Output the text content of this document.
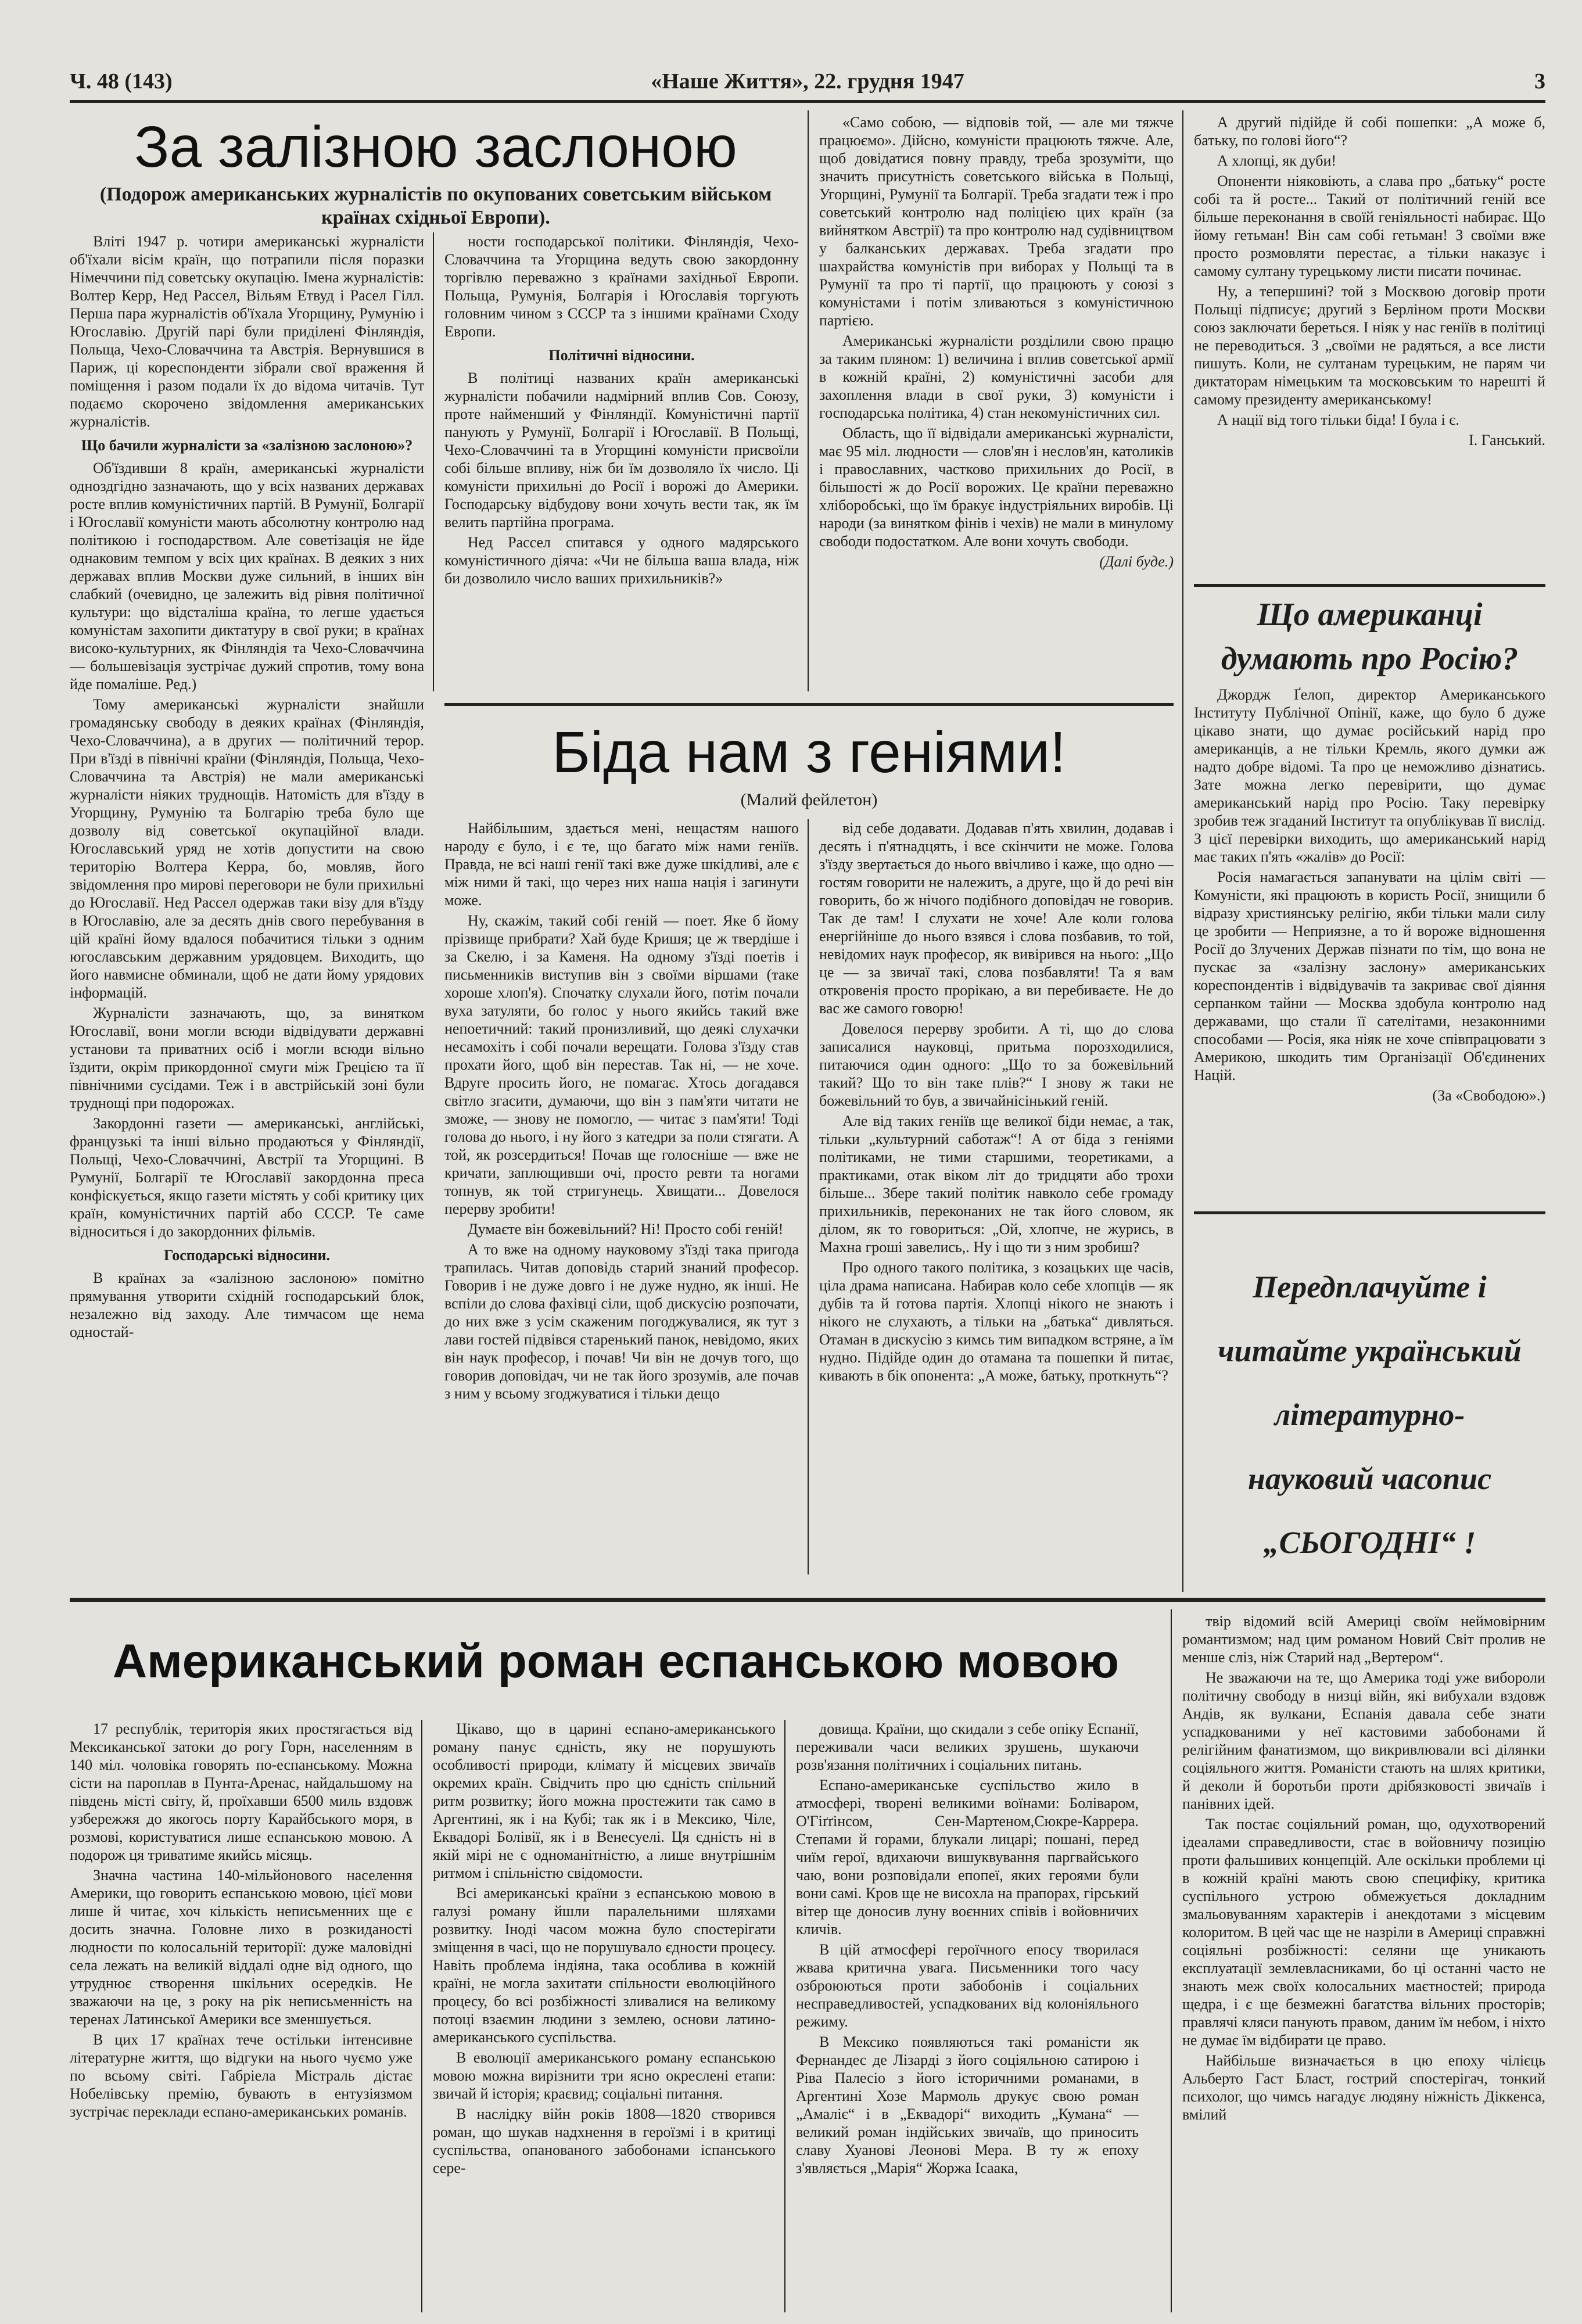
Ч. 48 (143)	«Наше Життя», 22. грудня 1947	3
За залізною заслоною
(Подорож американських журналістів по окупованих советським військом країнах східньої Европи).

Вліті 1947 р. чотири американські журналісти об'їхали вісім країн, що потрапили після поразки Німеччини під советську окупацію. Імена журналістів: Волтер Керр, Нед Рассел, Вільям Етвуд і Расел Гілл. Перша пара журналістів об'їхала Угорщину, Румунію і Югославію. Другій парі були приділені Фінляндія, Польща, Чехо-Словаччина та Австрія. Вернувшися в Париж, ці кореспонденти зібрали свої враження й поміщення і разом подали їх до відома читачів. Тут подаємо скорочено звідомлення американських журналістів.

Що бачили журналісти за «залізною заслоною»?

Об'їздивши 8 країн, американські журналісти одноздгідно зазначають, що у всіх названих державах росте вплив комуністичних партій. В Румунії, Болгарії і Югославії комуністи мають абсолютну контролю над політикою і господарством. Але советізація не йде однаковим темпом у всіх цих країнах. В деяких з них державах вплив Москви дуже сильний, в інших він слабкий (очевидно, це залежить від рівня політичної культури: що відсталіша країна, то легше удається комуністам захопити диктатуру в свої руки; в країнах високо-культурних, як Фінляндія та Чехо-Словаччина — большевізація зустрічає дужий спротив, тому вона йде помаліше. Ред.)

Тому американські журналісти знайшли громадянську свободу в деяких країнах (Фінляндія, Чехо-Словаччина), а в других — політичний терор. При в'їзді в північні країни (Фінляндія, Польща, Чехо-Словаччина та Австрія) не мали американські журналісти ніяких труднощів. Натомість для в'їзду в Угорщину, Румунію та Болгарію треба було ще дозволу від советської окупаційної влади. Югославський уряд не хотів допустити на свою територію Волтера Керра, бо, мовляв, його звідомлення про мирові переговори не були прихильні до Югославії. Нед Рассел одержав таки візу для в'їзду в Югославію, але за десять днів свого перебування в цій країні йому вдалося побачитися тільки з одним югославським державним урядовцем. Виходить, що його навмисне обминали, щоб не дати йому урядових інформацій.

Журналісти зазначають, що, за винятком Югославії, вони могли всюди відвідувати державні установи та приватних осіб і могли всюди вільно їздити, окрім прикордонної смуги між Грецією та її північними сусідами. Теж і в австрійській зоні були труднощі при подорожах.

Закордонні газети — американські, англійські, французькі та інші вільно продаються у Фінляндії, Польщі, Чехо-Словаччині, Австрії та Угорщині. В Румунії, Болгарії те Югославії закордонна преса конфіскується, якщо газети містять у собі критику цих країн, комуністичних партій або СССР. Те саме відноситься і до закордонних фільмів.

Господарські відносини.

В країнах за «залізною заслоною» помітно прямування утворити східній господарський блок, незалежно від заходу. Але тимчасом ще нема одностай-

ности господарської політики. Фінляндія, Чехо-Словаччина та Угорщина ведуть свою закордонну торгівлю переважно з країнами західньої Европи. Польща, Румунія, Болгарія і Югославія торгують головним чином з СССР та з іншими країнами Сходу Европи.

Політичні відносини.

В політиці названих країн американські журналісти побачили надмірний вплив Сов. Союзу, проте найменший у Фінляндії. Комуністичні партії панують у Румунії, Болгарії і Югославії. В Польщі, Чехо-Словаччині та в Угорщині комуністи присвоїли собі більше впливу, ніж би їм дозволяло їх число. Ці комуністи прихильні до Росії і ворожі до Америки. Господарську відбудову вони хочуть вести так, як їм велить партійна програма.

Нед Рассел спитався у одного мадярського комуністичного діяча: «Чи не більша ваша влада, ніж би дозволило число ваших прихильників?»

«Само собою, — відповів той, — але ми тяжче працюємо». Дійсно, комуністи працюють тяжче. Але, щоб довідатися повну правду, треба зрозуміти, що значить присутність советського війська в Польщі, Угорщині, Румунії та Болгарії. Треба згадати теж і про советський контролю над поліцією цих країн (за вийнятком Австрії) та про контролю над судівництвом у балканських державах. Треба згадати про шахрайства комуністів при виборах у Польщі та в Румунії та про ті партії, що працюють у союзі з комуністами і потім зливаються з комуністичною партією.

Американські журналісти розділили свою працю за таким пляном: 1) величина і вплив советської армії в кожній країні, 2) комуністичні засоби для захоплення влади в свої руки, 3) комуністи і господарська політика, 4) стан некомуністичних сил.

Область, що її відвідали американські журналісти, має 95 міл. людности — слов'ян і неслов'ян, католиків і православних, частково прихильних до Росії, в більшості ж до Росії ворожих. Це країни переважно хліборобські, що їм бракує індустріяльних виробів. Ці народи (за винятком фінів і чехів) не мали в минулому свободи подостатком. Але вони хочуть свободи.

(Далі буде.)

А другий підійде й собі пошепки: „А може б, батьку, по голові його“?

А хлопці, як дуби!

Опоненти ніяковіють, а слава про „батьку“ росте собі та й росте... Такий от політичний геній все більше переконання в своїй геніяльності набирає. Що йому гетьман! Він сам собі гетьман! З своїми вже просто розмовляти перестає, а тільки наказує і самому султану турецькому листи писати починає.

Ну, а тепершині? той з Москвою договір проти Польщі підписує; другий з Берліном проти Москви союз заключати береться. І ніяк у нас геніїв в політиці не переводиться. З „своїми не радяться, а все листи пишуть. Коли, не султанам турецьким, не парям чи диктаторам німецьким та московським то нарешті й самому президенту американському!

А нації від того тільки біда! І була і є.

І. Ганський.

Що американці думають про Росію?

Джордж Ґелоп, директор Американського Інституту Публічної Опінії, каже, що було б дуже цікаво знати, що думає російський нарід про американців, а не тільки Кремль, якого думки аж надто добре відомі. Та про це неможливо дізнатись. Зате можна легко перевірити, що думає американський нарід про Росію. Таку перевірку зробив теж згаданий Інститут та опублікував її вислід. З цієї перевірки виходить, що американський нарід має таких п'ять «жалів» до Росії:

Росія намагається запанувати на цілім світі — Комуністи, які працюють в користь Росії, знищили б відразу християнську релігію, якби тільки мали силу це зробити — Неприязне, а то й ворожe відношення Росії до Злучених Держав пізнати по тім, що вона не пускає за «залізну заслону» американських кореспондентів і відвідувачів та закриває свої діяння серпанком тайни — Москва здобула контролю над державами, що стали її сателітами, незаконними способами — Росія, яка ніяк не хоче співпрацювати з Америкою, шкодить тим Організації Об'єдинених Націй.

(За «Свободою».)

Передплачуйте і
читайте український
літературно-
науковий часопис
„СЬОГОДНІ“ !
Біда нам з геніями!
(Малий фейлетон)

Найбільшим, здається мені, нещастям нашого народу є було, і є те, що багато між нами геніїв. Правда, не всі наші генії такі вже дуже шкідливі, але є між ними й такі, що через них нашa нація і загинути може.

Ну, скажім, такий собі геній — поет. Яке б йому прізвище прибрати? Хай буде Кришя; це ж твердіше і за Скелю, і за Каменя. На одному з'їзді поетів і письменників виступив він з своїми віршами (таке хороше хлоп'я). Спочатку слухали його, потім почали вуха затуляти, бо голос у нього якийсь такий вже непоетичний: такий пронизливий, що деякі слухачки несамохіть і собі почали верещати. Голова з'їзду став прохати його, щоб він перестав. Так ні, — не хоче. Вдруге просить його, не помагає. Хтось догадався світло згасити, думаючи, що він з пам'яти читати не зможе, — знову не помогло, — читає з пам'яти! Тоді голова до нього, і ну його з катедри за поли стягати. А той, як розсердиться! Почав ще голосніше — вже не кричати, заплющивши очі, просто ревти та ногами топнув, як той стригунець. Хвищати... Довелося перерву зробити!

Думаєте він божевільний? Ні! Просто собі геній!

А то вже на одному науковому з'їзді така пригода трапилась. Читав доповідь старий знаний професор. Говорив і не дуже довго і не дуже нудно, як інші. Не вспіли до слова фахівці сіли, щоб дискусію розпочати, до них вже з усім скаженим погоджувалися, як тут з лави гостей підвівся старенький панок, невідомо, яких він наук професор, і почав! Чи він не дочув того, що говорив доповідач, чи не так його зрозумів, але почав з ним у всьому згоджуватися і тільки дещо

від себе додавати. Додавав п'ять хвилин, додавав і десять і п'ятнадцять, і все скінчити не може. Голова з'їзду звертається до нього ввічливо і каже, що одно — гостям говорити не належить, а друге, що й до речі він говорить, бо ж нічого подібного доповідач не говорив. Так де там! І слухати не хоче! Але коли голова енергійніше до нього взявся і слова позбавив, то той, невідомих наук професор, як вивірився на нього: „Що це — за звичаї такі, слова позбавляти! Та я вам откровенія просто прорікаю, а ви перебиваєте. Не до вас же самого говорю!

Довелося перерву зробити. А ті, що до слова записалися науковці, притьма порозходилися, питаючися один одного: „Що то за божевільний такий? Що то він таке плів?“ І знову ж таки не божевільний то був, а звичайнісінький геній.

Але від таких геніїв ще великої біди немає, а так, тільки „культурний саботаж“! А от біда з геніями політиками, не тими старшими, теоретиками, а практиками, отак віком літ до тридцяти або трохи більше... Збере такий політик навколо себе громаду прихильників, переконаних не так його словом, як ділом, як то говориться: „Ой, хлопче, не журись, в Махна гроші завелись,. Ну і що ти з ним зробиш?

Про одного такого політика, з козацьких ще часів, ціла драма написана. Набирав коло себе хлопців — як дубів та й готова партія. Хлопці нікого не знають і нікого не слухають, а тільки на „батька“ дивляться. Отаман в дискусію з кимсь тим випадком встряне, а їм нудно. Підійде один до отамана та пошепки й питає, кивають в бік опонента: „А може, батьку, проткнуть“?

Американський роман еспанською мовою

17 республік, територія яких простягається від Мексиканської затоки до рогу Горн, населенням в 140 міл. чоловіка говорять по-еспанському. Можна сісти на пароплав в Пунта-Аренас, найдальшому на південь місті світу, й, проїхавши 6500 миль вздовж узбережжя до якогось порту Карайбського моря, в розмові, користуватися лише еспанською мовою. А подорож ця триватиме якийсь місяць.

Значна частина 140-мільйонового населення Америки, що говорить еспанською мовою, цієї мови лише й читає, хоч кількість неписьменних ще є досить значна. Головне лихо в розкиданості людности по колосальній території: дуже маловідні села лежать на великій віддалі одне від одного, що утруднює створення шкільних осередків. Не зважаючи на це, з року на рік неписьменність на теренах Латинської Америки все зменшується.

В цих 17 країнах тече остільки інтенсивне літературне життя, що відгуки на нього чуємо уже по всьому світі. Габріела Містраль дістає Нобелівську премію, бувають в ентузіязмом зустрічає переклади еспано-американських романів.

Цікаво, що в царині еспано-американського роману панує єдність, яку не порушують особливості природи, клімату й місцевих звичаїв окремих країн. Свідчить про цю єдність спільний ритм розвитку; його можна простежити так само в Аргентині, як і на Кубі; так як і в Мексико, Чіле, Еквадорі Болівії, як і в Венесуелі. Ця єдність ні в якій мірі не є одноманітністю, а лише внутрішнім ритмом і спільністю свідомости.

Всі американські країни з еспанською мовою в галузі роману йшли паралельними шляхами розвитку. Іноді часом можна було спостерігати зміщення в часі, що не порушувало єдности процесу. Навіть проблема індіяна, така особлива в кожній країні, не могла захитати спільности еволюційного процесу, бо всі розбіжності зливалися на великому потоці взаємин людини з землею, основи латино-американського суспільства.

В еволюції американського роману еспанською мовою можна вирізнити три ясно окреслені етапи: звичай й історія; краєвид; соціальні питання.

В наслідку війн років 1808—1820 створився роман, що шукав надхнення в героїзмі і в критиці суспільства, опанованого забобонами іспанського сере-

довища. Країни, що скидали з себе опіку Еспанії, переживали часи великих зрушень, шукаючи розв'язання політичних і соціальних питань.

Еспано-американське суспільство жило в атмосфері, творені великими воїнами: Боліваром, О'Гіґґінсом, Сен-Мартеном,Сюкре-Каррера. Степами й горами, блукали лицарі; пошані, перед чиїм герої, вдихаючи вишуквування паргвайського чаю, вони розповідали епопеї, яких героями були вони самі. Кров ще не висохла на прапорах, гірський вітер ще доносив луну воєнних співів і войовничих кличів.

В цій атмосфері героїчного епосу творилася жвава критична увага. Письменники того часу озброюються проти забобонів і соціальних несправедливостей, успадкованих від колоніяльного режиму.

В Мексико появляються такі романісти як Фернандес де Лізарді з його соціяльною сатирою і Ріва Палесіо з його історичними романами, в Аргентині Хозе Мармоль друкує свою роман „Амаліє“ і в „Еквадорі“ виходить „Кумана“ — великий роман індійських звичаїв, що приносить славу Хуанові Леонові Мера. В ту ж епоху з'являється „Марія“ Жоржа Ісаака,

твір відомий всій Америці своїм неймовірним романтизмом; над цим романом Новий Світ пролив не менше сліз, ніж Старий над „Вертером“.

Не зважаючи на те, що Америка тоді уже вибороли політичну свободу в низці війн, які вибухали вздовж Андів, як вулкани, Еспанія давала себе знати успадкованими у неї кастовими забобонами й релігійним фанатизмом, що викривлювали всі ділянки соціяльного життя. Романісти стають на шлях критики, й деколи й боротьби проти дрібязковості звичаїв і панівних ідей.

Так постає соціяльний роман, що, одухотворений ідеалами справедливости, стає в войовничу позицію проти фальшивих концепцій. Але оскільки проблеми ці в кожній країні мають свою специфіку, критика суспільного устрою обмежується докладним змальовуванням характерів і анекдотами з місцевим колоритом. В цей час ще не назріли в Америці справжні соціяльні розбіжності: селяни ще уникають експлуатації землевласниками, бо ці останні часто не знають меж своїх колосальних маєтностей; природа щедра, і є ще безмежні багатства вільних просторів; правлячі кляси панують правом, даним їм небом, і ніхто не думає їм відбирати це право.

Найбільше визначається в цю епоху чілієць Альберто Гаст Бласт, гострий спостерігач, тонкий психолог, що чимсь нагадує людяну ніжність Діккенса, вмілий
